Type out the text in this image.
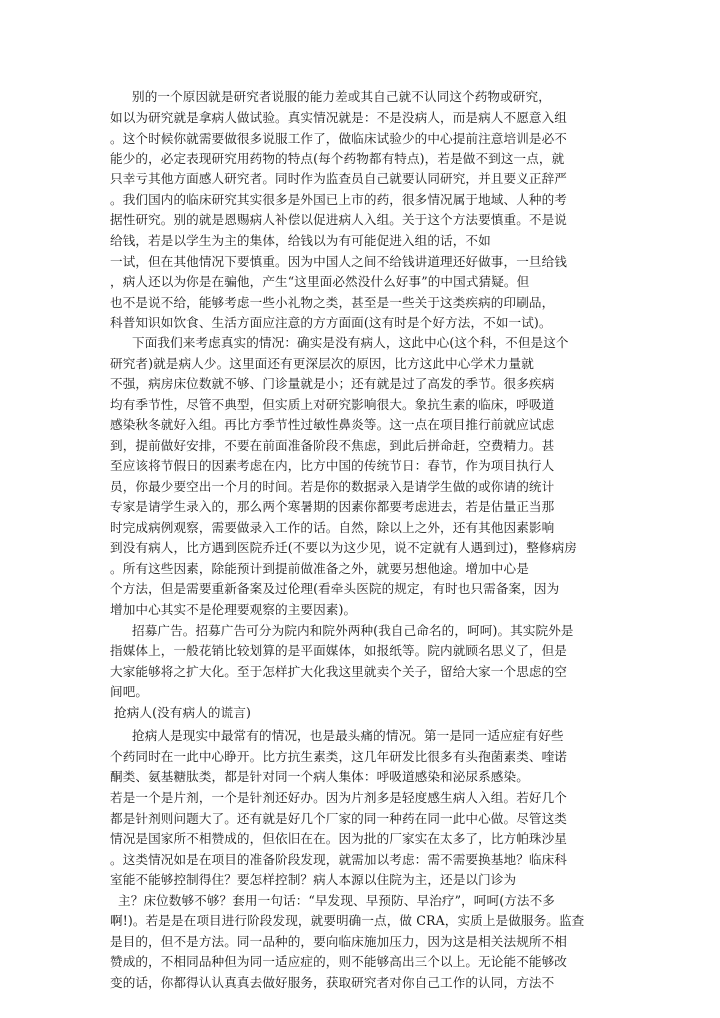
别的一个原因就是研究者说服的能力差或其自己就不认同这个药物或研究，
如以为研究就是拿病人做试验。真实情况就是：不是没病人，而是病人不愿意入组
。这个时候你就需要做很多说服工作了，做临床试验少的中心提前注意培训是必不
能少的，必定表现研究用药物的特点(每个药物都有特点)，若是做不到这一点，就
只幸亏其他方面感人研究者。同时作为监查员自己就要认同研究，并且要义正辞严
。我们国内的临床研究其实很多是外国已上市的药，很多情况属于地域、人种的考
据性研究。别的就是恩赐病人补偿以促进病人入组。关于这个方法要慎重。不是说
给钱，若是以学生为主的集体，给钱以为有可能促进入组的话，不如
一试，但在其他情况下要慎重。因为中国人之间不给钱讲道理还好做事，一旦给钱
，病人还以为你是在骗他，产生“这里面必然没什么好事”的中国式猜疑。但
也不是说不给，能够考虑一些小礼物之类，甚至是一些关于这类疾病的印刷品，
科普知识如饮食、生活方面应注意的方方面面(这有时是个好方法，不如一试)。
下面我们来考虑真实的情况：确实是没有病人，这此中心(这个科，不但是这个
研究者)就是病人少。这里面还有更深层次的原因，比方这此中心学术力量就
不强，病房床位数就不够、门诊量就是小；还有就是过了高发的季节。很多疾病
均有季节性，尽管不典型，但实质上对研究影响很大。象抗生素的临床，呼吸道
感染秋冬就好入组。再比方季节性过敏性鼻炎等。这一点在项目推行前就应试虑
到，提前做好安排，不要在前面准备阶段不焦虑，到此后拼命赶，空费精力。甚
至应该将节假日的因素考虑在内，比方中国的传统节日：春节，作为项目执行人
员，你最少要空出一个月的时间。若是你的数据录入是请学生做的或你请的统计
专家是请学生录入的，那么两个寒暑期的因素你都要考虑进去，若是估量正当那
时完成病例观察，需要做录入工作的话。自然，除以上之外，还有其他因素影响
到没有病人，比方遇到医院乔迁(不要以为这少见，说不定就有人遇到过)，整修病房
。所有这些因素，除能预计到提前做准备之外，就要另想他途。增加中心是
个方法，但是需要重新备案及过伦理(看牵头医院的规定，有时也只需备案，因为
增加中心其实不是伦理要观察的主要因素)。
招募广告。招募广告可分为院内和院外两种(我自己命名的，呵呵)。其实院外是
指媒体上，一般花销比较划算的是平面媒体，如报纸等。院内就顾名思义了，但是
大家能够将之扩大化。至于怎样扩大化我这里就卖个关子，留给大家一个思虑的空
间吧。
抢病人(没有病人的谎言)
抢病人是现实中最常有的情况，也是最头痛的情况。第一是同一适应症有好些
个药同时在一此中心睁开。比方抗生素类，这几年研发比很多有头孢菌素类、喹诺
酮类、氨基糖肽类，都是针对同一个病人集体：呼吸道感染和泌尿系感染。
若是一个是片剂，一个是针剂还好办。因为片剂多是轻度感生病人入组。若好几个
都是针剂则问题大了。还有就是好几个厂家的同一种药在同一此中心做。尽管这类
情况是国家所不相赞成的，但依旧在在。因为批的厂家实在太多了，比方帕珠沙星
。这类情况如是在项目的准备阶段发现，就需加以考虑：需不需要换基地？临床科
室能不能够控制得住？要怎样控制？病人本源以住院为主，还是以门诊为
主？床位数够不够？套用一句话：“早发现、早预防、早治疗”，呵呵(方法不多
啊!)。若是是在项目进行阶段发现，就要明确一点，做 CRA，实质上是做服务。监查
是目的，但不是方法。同一品种的，要向临床施加压力，因为这是相关法规所不相
赞成的，不相同品种但为同一适应症的，则不能够高出三个以上。无论能不能够改
变的话，你都得认认真真去做好服务，获取研究者对你自己工作的认同，方法不
